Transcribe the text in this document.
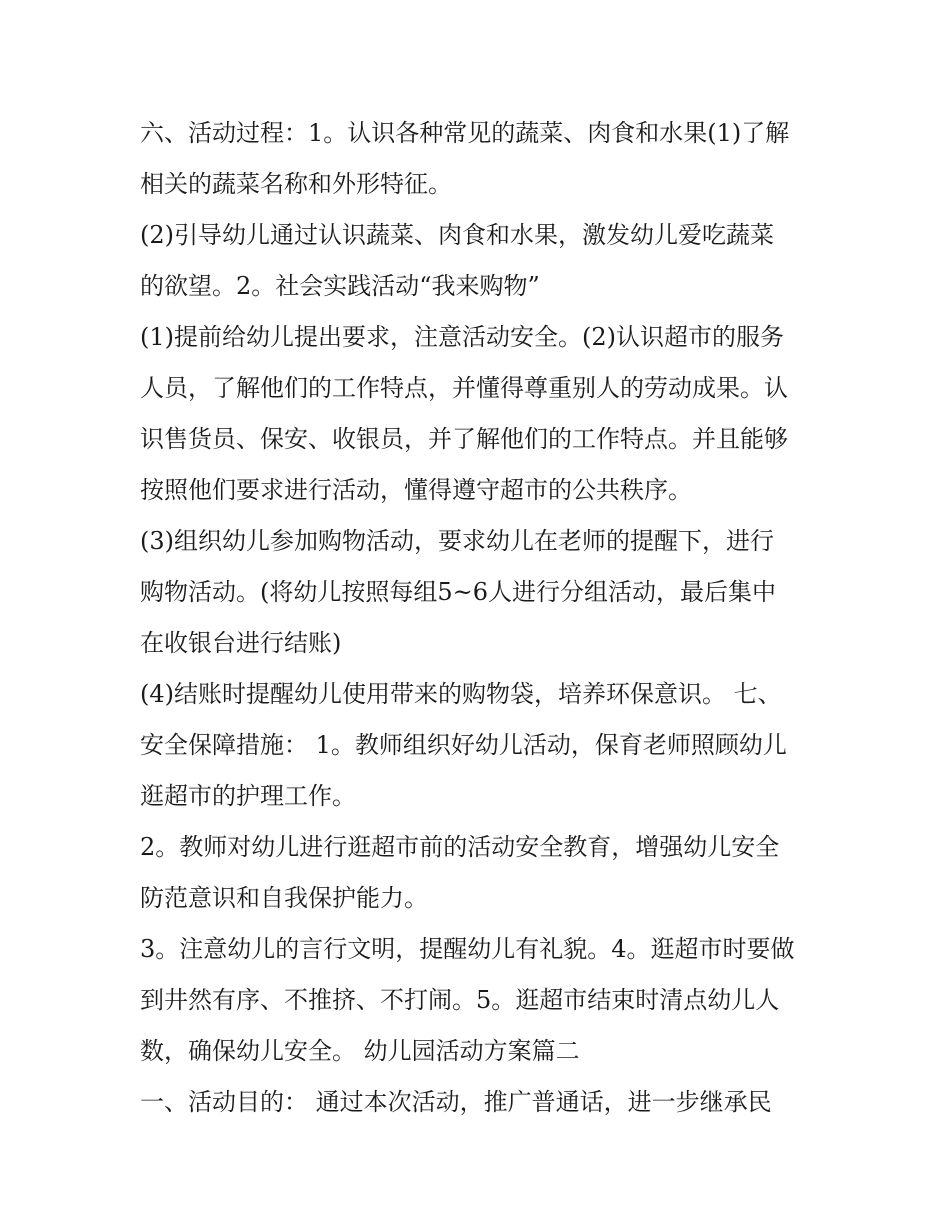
六、活动过程：1。认识各种常见的蔬菜、肉食和水果(1)了解
相关的蔬菜名称和外形特征。
(2)引导幼儿通过认识蔬菜、肉食和水果，激发幼儿爱吃蔬菜
的欲望。2。社会实践活动“我来购物”
(1)提前给幼儿提出要求，注意活动安全。(2)认识超市的服务
人员，了解他们的工作特点，并懂得尊重别人的劳动成果。认
识售货员、保安、收银员，并了解他们的工作特点。并且能够
按照他们要求进行活动，懂得遵守超市的公共秩序。
(3)组织幼儿参加购物活动，要求幼儿在老师的提醒下，进行
购物活动。(将幼儿按照每组5~6人进行分组活动，最后集中
在收银台进行结账)
(4)结账时提醒幼儿使用带来的购物袋，培养环保意识。 七、
安全保障措施： 1。教师组织好幼儿活动，保育老师照顾幼儿
逛超市的护理工作。
2。教师对幼儿进行逛超市前的活动安全教育，增强幼儿安全
防范意识和自我保护能力。
3。注意幼儿的言行文明，提醒幼儿有礼貌。4。逛超市时要做
到井然有序、不推挤、不打闹。5。逛超市结束时清点幼儿人
数，确保幼儿安全。 幼儿园活动方案篇二
一、活动目的： 通过本次活动，推广普通话，进一步继承民
